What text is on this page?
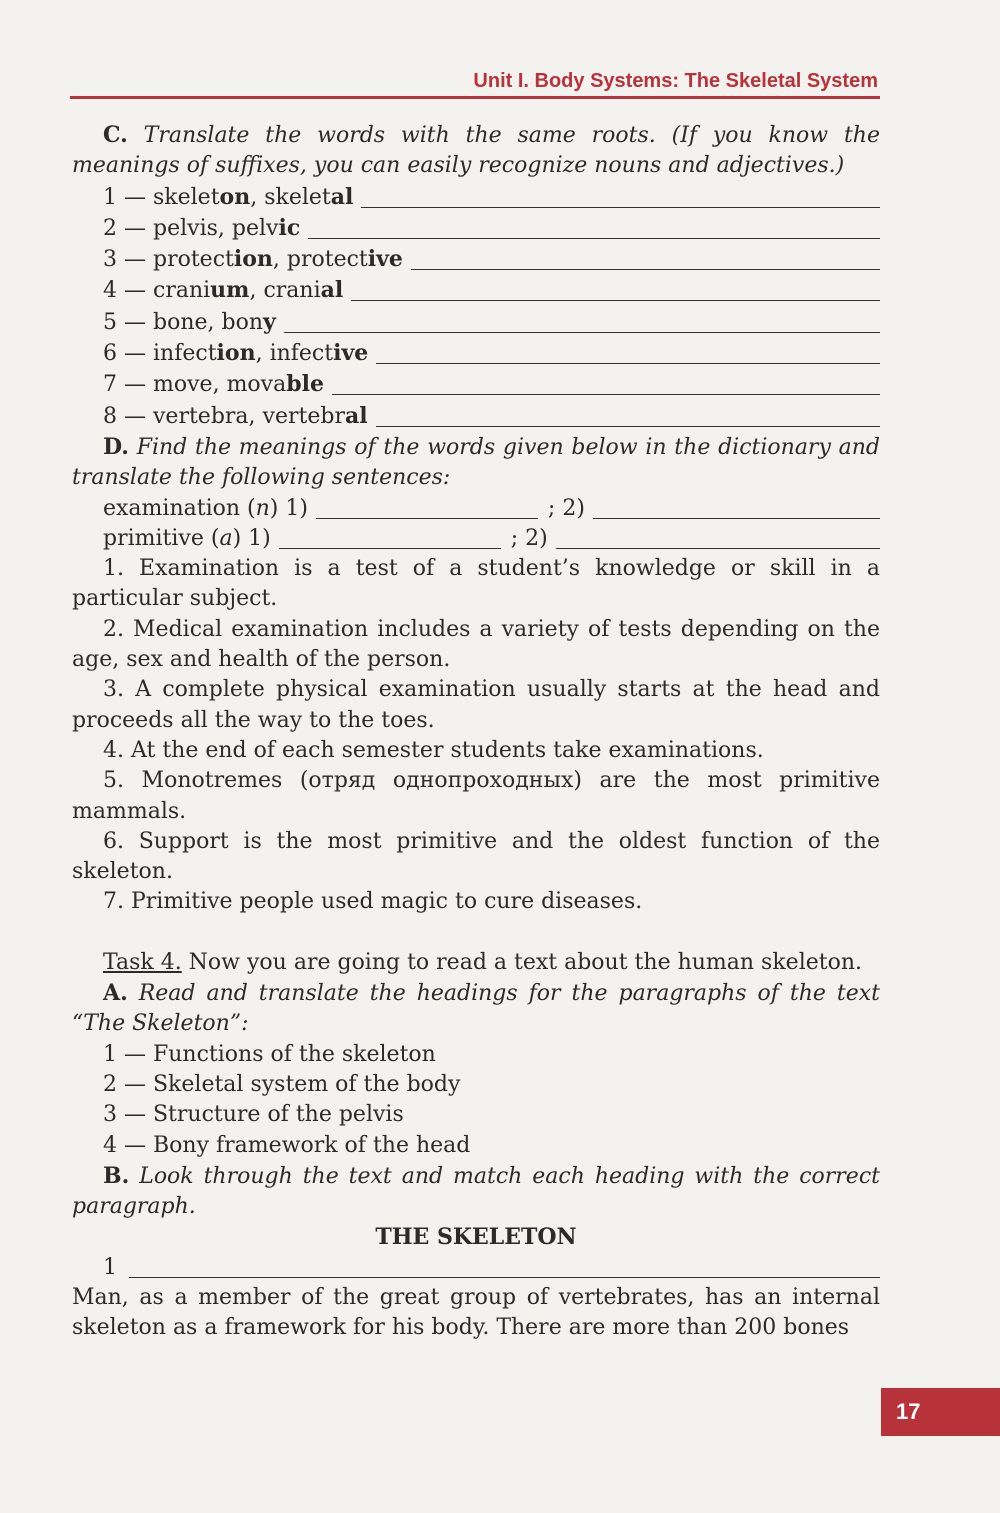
Unit I. Body Systems: The Skeletal System

C. Translate the words with the same roots. (If you know the meanings of suffixes, you can easily recognize nouns and adjectives.)

1 — skeleton, skeletal
2 — pelvis, pelvic
3 — protection, protective
4 — cranium, cranial
5 — bone, bony
6 — infection, infective
7 — move, movable
8 — vertebra, vertebral

D. Find the meanings of the words given below in the dictionary and translate the following sentences:

examination (n) 1)	; 2)
primitive (a) 1)	; 2)

1. Examination is a test of a student’s knowledge or skill in a particular subject.

2. Medical examination includes a variety of tests depending on the age, sex and health of the person.

3. A complete physical examination usually starts at the head and proceeds all the way to the toes.

4. At the end of each semester students take examinations.

5. Monotremes (отряд однопроходных) are the most primitive mammals.

6. Support is the most primitive and the oldest function of the skeleton.

7. Primitive people used magic to cure diseases.

Task 4. Now you are going to read a text about the human skeleton.

A. Read and translate the headings for the paragraphs of the text “The Skeleton”:

1 — Functions of the skeleton
2 — Skeletal system of the body
3 — Structure of the pelvis
4 — Bony framework of the head

B. Look through the text and match each heading with the correct paragraph.

THE SKELETON
1

Man, as a member of the great group of vertebrates, has an internal skeleton as a framework for his body. There are more than 200 bones

17
